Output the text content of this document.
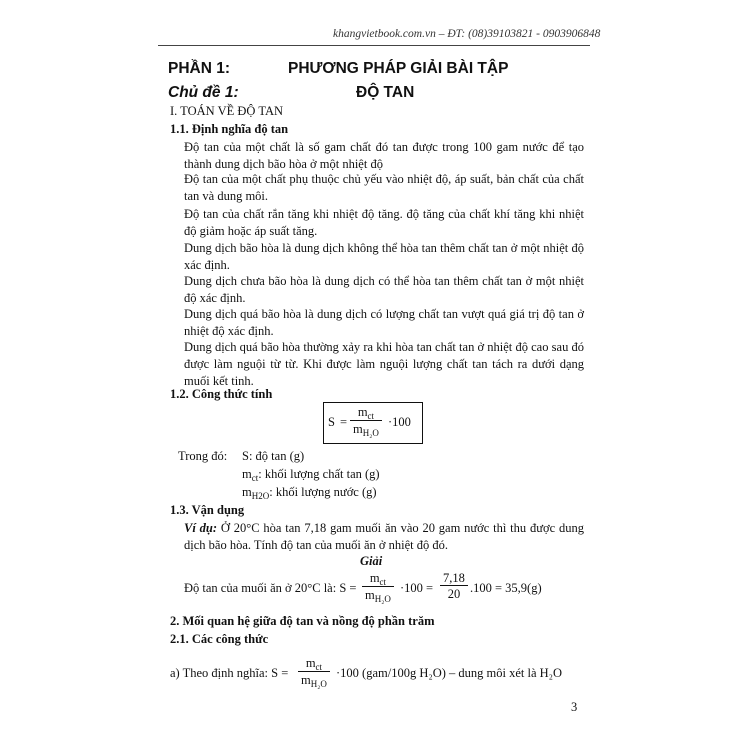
khangvietbook.com.vn – ĐT: (08)39103821 - 0903906848
PHẦN 1:	PHƯƠNG PHÁP GIẢI BÀI TẬP
Chủ đề 1:	ĐỘ TAN
I. TOÁN VỀ ĐỘ TAN
1.1. Định nghĩa độ tan
Độ tan của một chất là số gam chất đó tan được trong 100 gam nước để tạo thành dung dịch bão hòa ở một nhiệt độ
Độ tan của một chất phụ thuộc chủ yếu vào nhiệt độ, áp suất, bản chất của chất tan và dung môi.
Độ tan của chất rắn tăng khi nhiệt độ tăng. độ tăng của chất khí tăng khi nhiệt độ giảm hoặc áp suất tăng.
Dung dịch bão hòa là dung dịch không thể hòa tan thêm chất tan ở một nhiệt độ xác định.
Dung dịch chưa bão hòa là dung dịch có thể hòa tan thêm chất tan ở một nhiệt độ xác định.
Dung dịch quá bão hòa là dung dịch có lượng chất tan vượt quá giá trị độ tan ở nhiệt độ xác định.
Dung dịch quá bão hòa thường xảy ra khi hòa tan chất tan ở nhiệt độ cao sau đó được làm nguội từ từ. Khi được làm nguội lượng chất tan tách ra dưới dạng muối kết tinh.
1.2. Công thức tính
S =
$m_{ct}$
$m_{H_2O}$
·100
Trong đó: S: độ tan (g)
$m_{ct}$: khối lượng chất tan (g)
$m_{H2O}$: khối lượng nước (g)
1.3. Vận dụng
Ví dụ: Ở 20°C hòa tan 7,18 gam muối ăn vào 20 gam nước thì thu được dung dịch bão hòa. Tính độ tan của muối ăn ở nhiệt độ đó.
Giải
Độ tan của muối ăn ở 20°C là: S =
$m_{ct}$
$m_{H_2O}$
$\cdot 100 = \frac{7,18}{20} .100 = 35,9(g)$
2. Mối quan hệ giữa độ tan và nồng độ phần trăm
2.1. Các công thức
a) Theo định nghĩa: S =
$m_{ct}$
$m_{H_2O}$
·100 (gam/100g H₂O) – dung môi xét là H₂O
3
